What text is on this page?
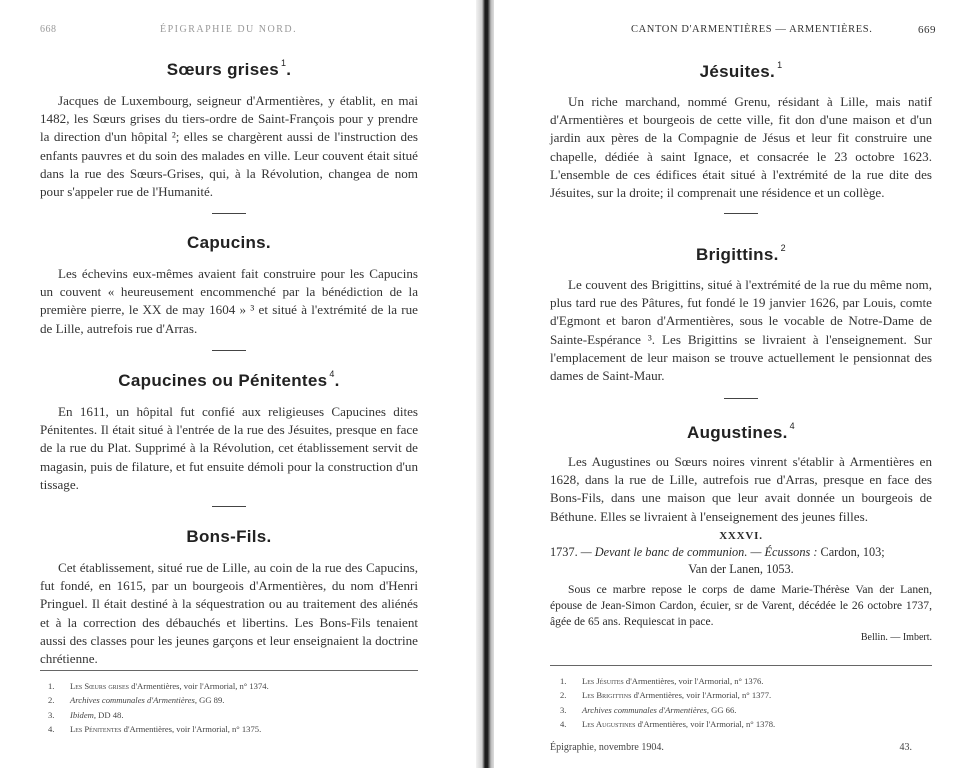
668	ÉPIGRAPHIE DU NORD.
Sœurs grises $^1$.

Jacques de Luxembourg, seigneur d'Armentières, y établit, en mai 1482, les Sœurs grises du tiers-ordre de Saint-François pour y prendre la direction d'un hôpital ²; elles se chargèrent aussi de l'instruction des enfants pauvres et du soin des malades en ville. Leur couvent était situé dans la rue des Sœurs-Grises, qui, à la Révolution, changea de nom pour s'appeler rue de l'Humanité.

Capucins.

Les échevins eux-mêmes avaient fait construire pour les Capucins un couvent « heureusement encommenché par la bénédiction de la première pierre, le XX de may 1604 » ³ et situé à l'extrémité de la rue de Lille, autrefois rue d'Arras.

Capucines ou Pénitentes $^4$.

En 1611, un hôpital fut confié aux religieuses Capucines dites Pénitentes. Il était situé à l'entrée de la rue des Jésuites, presque en face de la rue du Plat. Supprimé à la Révolution, cet établissement servit de magasin, puis de filature, et fut ensuite démoli pour la construction d'un tissage.

Bons-Fils.

Cet établissement, situé rue de Lille, au coin de la rue des Capucins, fut fondé, en 1615, par un bourgeois d'Armentières, du nom d'Henri Pringuel. Il était destiné à la séquestration ou au traitement des aliénés et à la correction des débauchés et libertins. Les Bons-Fils tenaient aussi des classes pour les jeunes garçons et leur enseignaient la doctrine chrétienne.

1. Les Sœurs grises d'Armentières, voir l'Armorial, n° 1374.
2. Archives communales d'Armentières, GG 89.
3. Ibidem, DD 48.
4. Les Pénitentes d'Armentières, voir l'Armorial, n° 1375.
CANTON D'ARMENTIÈRES — ARMENTIÈRES.	669
Jésuites. $^1$

Un riche marchand, nommé Grenu, résidant à Lille, mais natif d'Armentières et bourgeois de cette ville, fit don d'une maison et d'un jardin aux pères de la Compagnie de Jésus et leur fit construire une chapelle, dédiée à saint Ignace, et consacrée le 23 octobre 1623. L'ensemble de ces édifices était situé à l'extrémité de la rue dite des Jésuites, sur la droite; il comprenait une résidence et un collège.

Brigittins. $^2$

Le couvent des Brigittins, situé à l'extrémité de la rue du même nom, plus tard rue des Pâtures, fut fondé le 19 janvier 1626, par Louis, comte d'Egmont et baron d'Armentières, sous le vocable de Notre-Dame de Sainte-Espérance ³. Les Brigittins se livraient à l'enseignement. Sur l'emplacement de leur maison se trouve actuellement le pensionnat des dames de Saint-Maur.

Augustines. $^4$

Les Augustines ou Sœurs noires vinrent s'établir à Armentières en 1628, dans la rue de Lille, autrefois rue d'Arras, presque en face des Bons-Fils, dans une maison que leur avait donnée un bourgeois de Béthune. Elles se livraient à l'enseignement des jeunes filles.

XXXVI.
1737. — Devant le banc de communion. — Écussons : Cardon, 103;
Van der Lanen, 1053.

Sous ce marbre repose le corps de dame Marie-Thérèse Van der Lanen, épouse de Jean-Simon Cardon, écuier, sr de Varent, décédée le 26 octobre 1737, âgée de 65 ans. Requiescat in pace.

Bellin. — Imbert.
1. Les Jésuites d'Armentières, voir l'Armorial, n° 1376.
2. Les Brigittins d'Armentières, voir l'Armorial, n° 1377.
3. Archives communales d'Armentières, GG 66.
4. Les Augustines d'Armentières, voir l'Armorial, n° 1378.
Épigraphie, novembre 1904.	43.
